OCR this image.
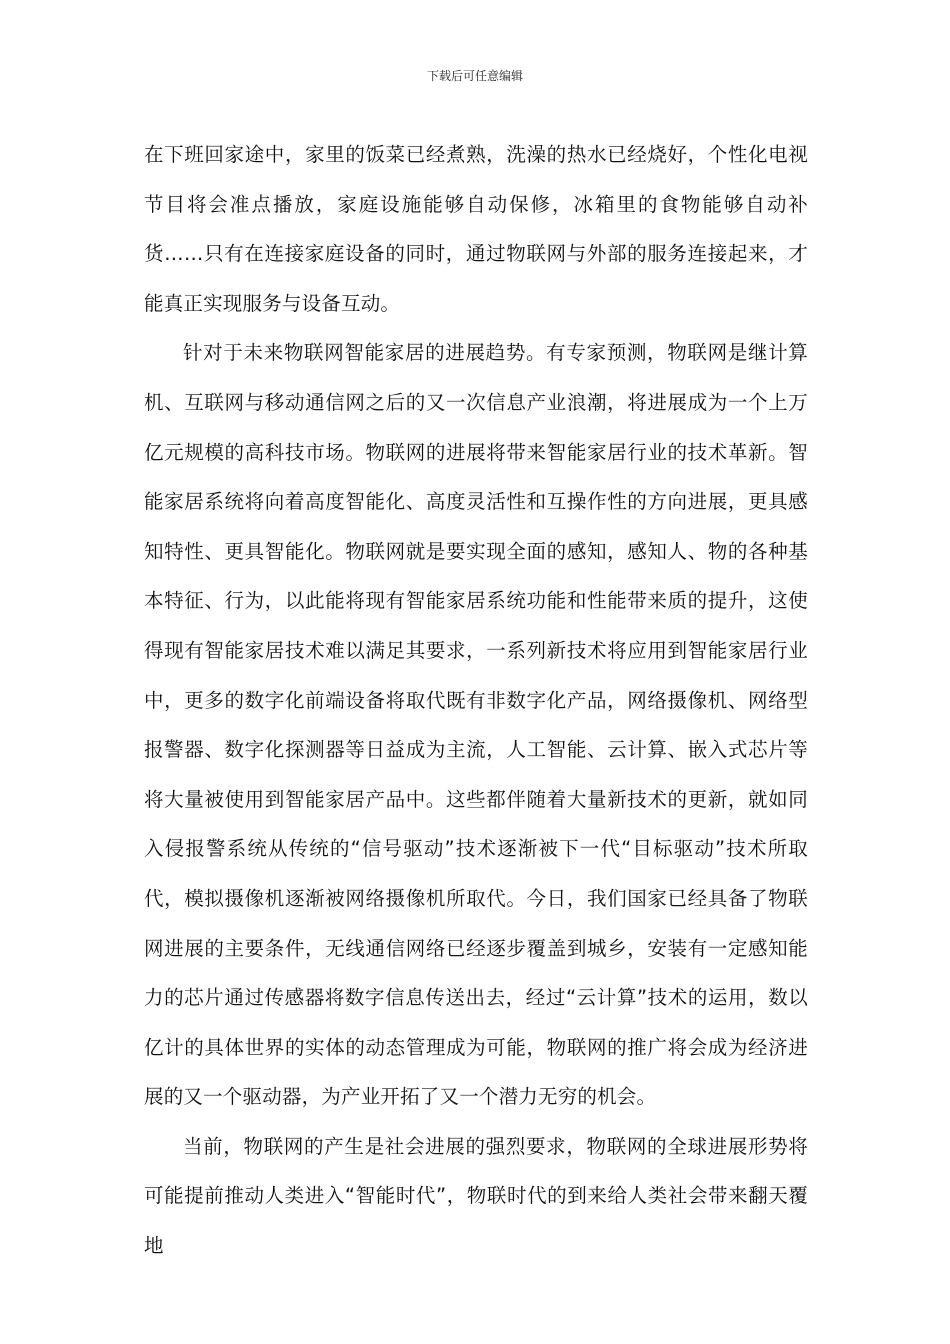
下载后可任意编辑

在下班回家途中，家里的饭菜已经煮熟，洗澡的热水已经烧好，个性化电视节目将会准点播放，家庭设施能够自动保修，冰箱里的食物能够自动补货……只有在连接家庭设备的同时，通过物联网与外部的服务连接起来，才能真正实现服务与设备互动。

针对于未来物联网智能家居的进展趋势。有专家预测，物联网是继计算机、互联网与移动通信网之后的又一次信息产业浪潮，将进展成为一个上万亿元规模的高科技市场。物联网的进展将带来智能家居行业的技术革新。智能家居系统将向着高度智能化、高度灵活性和互操作性的方向进展，更具感知特性、更具智能化。物联网就是要实现全面的感知，感知人、物的各种基本特征、行为，以此能将现有智能家居系统功能和性能带来质的提升，这使得现有智能家居技术难以满足其要求，一系列新技术将应用到智能家居行业中，更多的数字化前端设备将取代既有非数字化产品，网络摄像机、网络型报警器、数字化探测器等日益成为主流，人工智能、云计算、嵌入式芯片等将大量被使用到智能家居产品中。这些都伴随着大量新技术的更新，就如同入侵报警系统从传统的“信号驱动”技术逐渐被下一代“目标驱动”技术所取代，模拟摄像机逐渐被网络摄像机所取代。今日，我们国家已经具备了物联网进展的主要条件，无线通信网络已经逐步覆盖到城乡，安装有一定感知能力的芯片通过传感器将数字信息传送出去，经过“云计算”技术的运用，数以亿计的具体世界的实体的动态管理成为可能，物联网的推广将会成为经济进展的又一个驱动器，为产业开拓了又一个潜力无穷的机会。

当前，物联网的产生是社会进展的强烈要求，物联网的全球进展形势将可能提前推动人类进入“智能时代”，物联时代的到来给人类社会带来翻天覆地
